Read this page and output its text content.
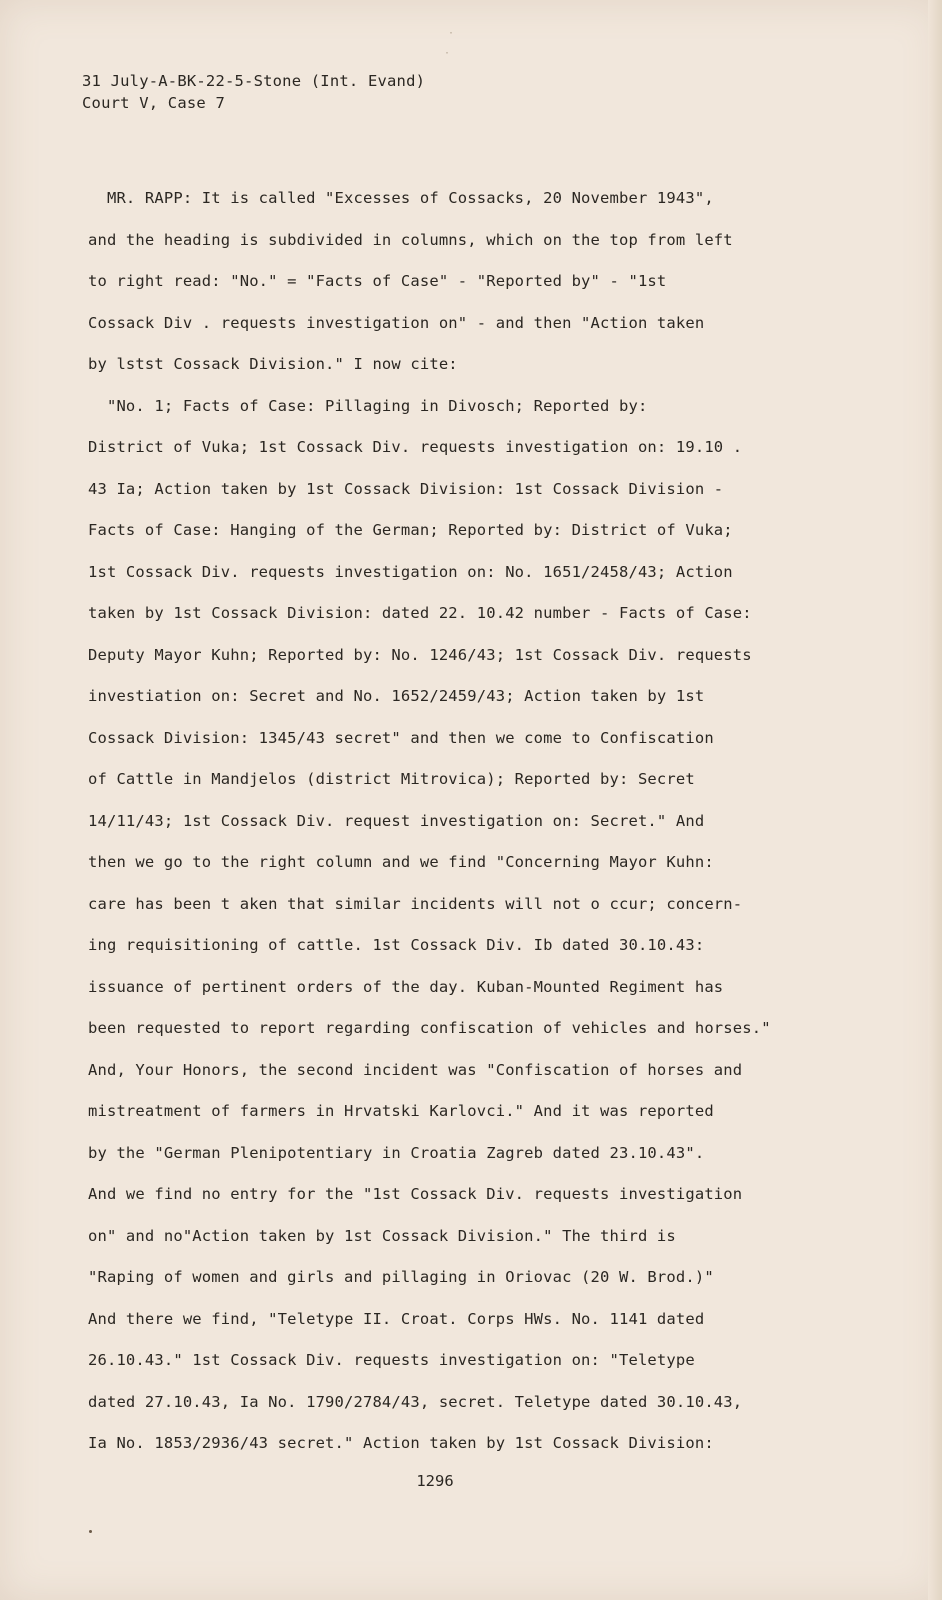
31 July-A-BK-22-5-Stone (Int. Evand)
Court V, Case 7
MR. RAPP: It is called "Excesses of Cossacks, 20 November 1943",
and the heading is subdivided in columns, which on the top from left
to right read: "No." = "Facts of Case" - "Reported by" - "1st
Cossack Div . requests investigation on" - and then "Action taken
by lstst Cossack Division." I now cite:
"No. 1; Facts of Case: Pillaging in Divosch; Reported by:
District of Vuka; 1st Cossack Div. requests investigation on: 19.10 .
43 Ia; Action taken by 1st Cossack Division: 1st Cossack Division -
Facts of Case: Hanging of the German; Reported by: District of Vuka;
1st Cossack Div. requests investigation on: No. 1651/2458/43; Action
taken by 1st Cossack Division: dated 22. 10.42 number - Facts of Case:
Deputy Mayor Kuhn; Reported by: No. 1246/43; 1st Cossack Div. requests
investiation on: Secret and No. 1652/2459/43; Action taken by 1st
Cossack Division: 1345/43 secret" and then we come to Confiscation
of Cattle in Mandjelos (district Mitrovica); Reported by: Secret
14/11/43; 1st Cossack Div. request investigation on: Secret." And
then we go to the right column and we find "Concerning Mayor Kuhn:
care has been t aken that similar incidents will not o ccur; concern-
ing requisitioning of cattle. 1st Cossack Div. Ib dated 30.10.43:
issuance of pertinent orders of the day. Kuban-Mounted Regiment has
been requested to report regarding confiscation of vehicles and horses."
And, Your Honors, the second incident was "Confiscation of horses and
mistreatment of farmers in Hrvatski Karlovci." And it was reported
by the "German Plenipotentiary in Croatia Zagreb dated 23.10.43".
And we find no entry for the "1st Cossack Div. requests investigation
on" and no"Action taken by 1st Cossack Division." The third is
"Raping of women and girls and pillaging in Oriovac (20 W. Brod.)"
And there we find, "Teletype II. Croat. Corps HWs. No. 1141 dated
26.10.43." 1st Cossack Div. requests investigation on: "Teletype
dated 27.10.43, Ia No. 1790/2784/43, secret. Teletype dated 30.10.43,
Ia No. 1853/2936/43 secret." Action taken by 1st Cossack Division:
1296
·
·
